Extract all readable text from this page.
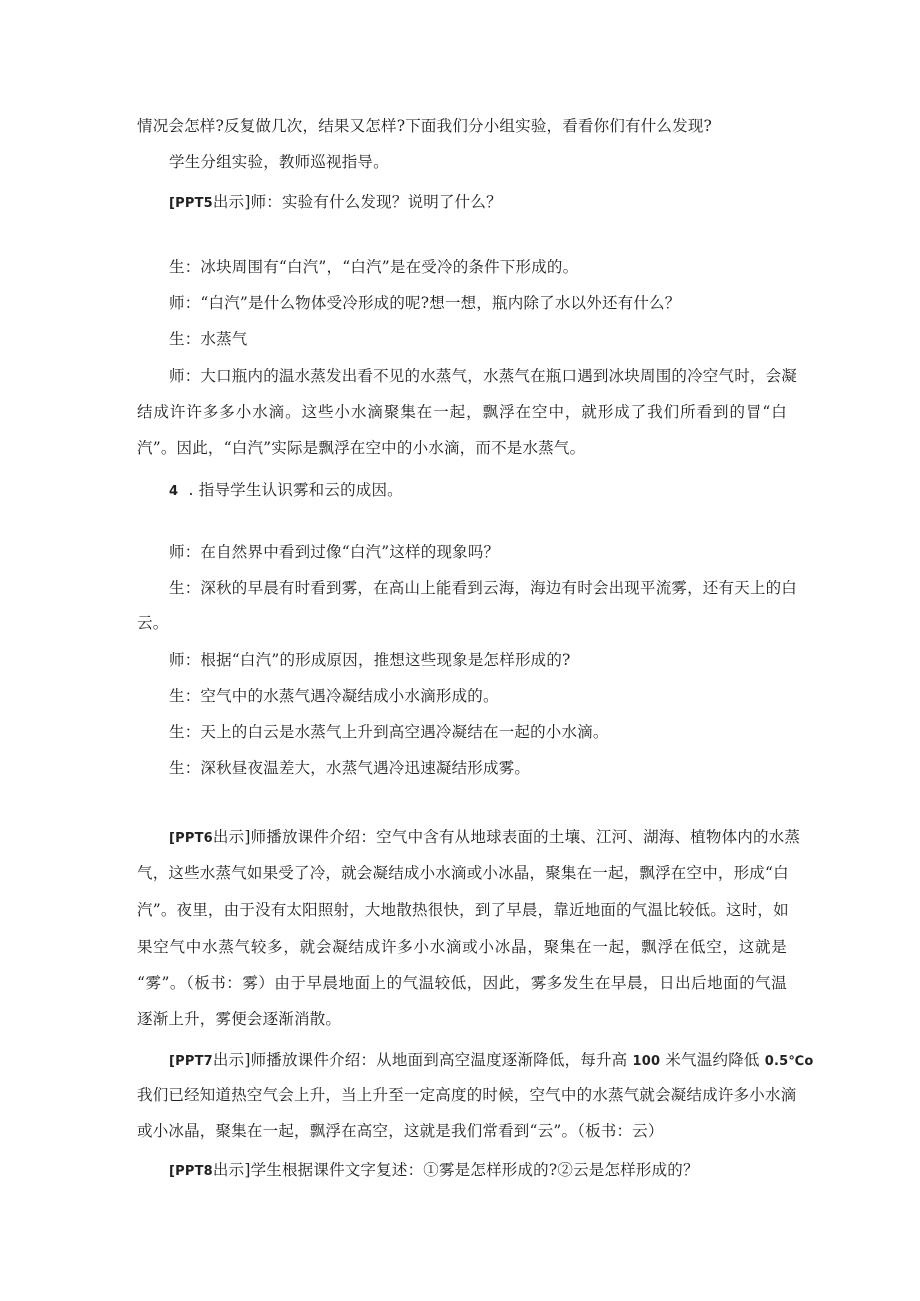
情况会怎样?反复做几次，结果又怎样?下面我们分小组实验，看看你们有什么发现?
学生分组实验，教师巡视指导。
[PPT5出示]师：实验有什么发现？说明了什么？
生：冰块周围有“白汽”，“白汽”是在受冷的条件下形成的。
师：“白汽”是什么物体受冷形成的呢?想一想，瓶内除了水以外还有什么？
生：水蒸气
师：大口瓶内的温水蒸发出看不见的水蒸气，水蒸气在瓶口遇到冰块周围的冷空气时，会凝
结成许许多多小水滴。这些小水滴聚集在一起，飘浮在空中，就形成了我们所看到的冒“白
汽”。因此，“白汽”实际是飘浮在空中的小水滴，而不是水蒸气。
4 . 指导学生认识雾和云的成因。
师：在自然界中看到过像“白汽”这样的现象吗？
生：深秋的早晨有时看到雾，在高山上能看到云海，海边有时会出现平流雾，还有天上的白
云。
师：根据“白汽”的形成原因，推想这些现象是怎样形成的?
生：空气中的水蒸气遇冷凝结成小水滴形成的。
生：天上的白云是水蒸气上升到高空遇冷凝结在一起的小水滴。
生：深秋昼夜温差大，水蒸气遇冷迅速凝结形成雾。
[PPT6出示]师播放课件介绍：空气中含有从地球表面的土壤、江河、湖海、植物体内的水蒸
气，这些水蒸气如果受了冷，就会凝结成小水滴或小冰晶，聚集在一起，飘浮在空中，形成“白
汽”。夜里，由于没有太阳照射，大地散热很快，到了早晨，靠近地面的气温比较低。这时，如
果空气中水蒸气较多，就会凝结成许多小水滴或小冰晶，聚集在一起，飘浮在低空，这就是
“雾”。（板书：雾）由于早晨地面上的气温较低，因此，雾多发生在早晨，日出后地面的气温
逐渐上升，雾便会逐渐消散。
[PPT7出示]师播放课件介绍：从地面到高空温度逐渐降低，每升高 100 米气温约降低 0.5℃o
我们已经知道热空气会上升，当上升至一定高度的时候，空气中的水蒸气就会凝结成许多小水滴
或小冰晶，聚集在一起，飘浮在高空，这就是我们常看到“云”。（板书：云）
[PPT8出示]学生根据课件文字复述：①雾是怎样形成的?②云是怎样形成的？
